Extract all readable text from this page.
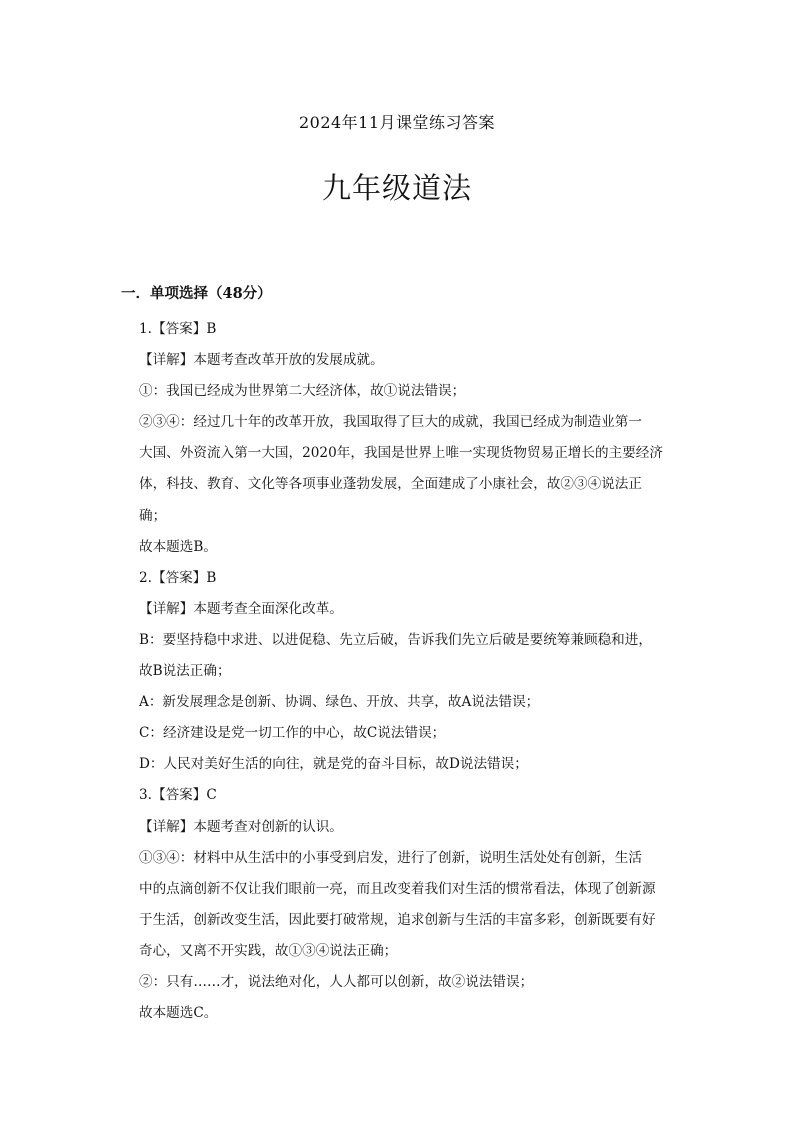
2024年11月课堂练习答案
九年级道法
一．单项选择（48分）
1.【答案】B
【详解】本题考查改革开放的发展成就。
①：我国已经成为世界第二大经济体，故①说法错误；
②③④：经过几十年的改革开放，我国取得了巨大的成就，我国已经成为制造业第一
大国、外资流入第一大国，2020年，我国是世界上唯一实现货物贸易正增长的主要经济
体，科技、教育、文化等各项事业蓬勃发展，全面建成了小康社会，故②③④说法正
确；
故本题选B。
2.【答案】B
【详解】本题考查全面深化改革。
B：要坚持稳中求进、以进促稳、先立后破，告诉我们先立后破是要统筹兼顾稳和进，
故B说法正确；
A：新发展理念是创新、协调、绿色、开放、共享，故A说法错误；
C：经济建设是党一切工作的中心，故C说法错误；
D：人民对美好生活的向往，就是党的奋斗目标，故D说法错误；
3.【答案】C
【详解】本题考查对创新的认识。
①③④：材料中从生活中的小事受到启发，进行了创新，说明生活处处有创新，生活
中的点滴创新不仅让我们眼前一亮，而且改变着我们对生活的惯常看法，体现了创新源
于生活，创新改变生活，因此要打破常规，追求创新与生活的丰富多彩，创新既要有好
奇心，又离不开实践，故①③④说法正确；
②：只有……才，说法绝对化，人人都可以创新，故②说法错误；
故本题选C。
